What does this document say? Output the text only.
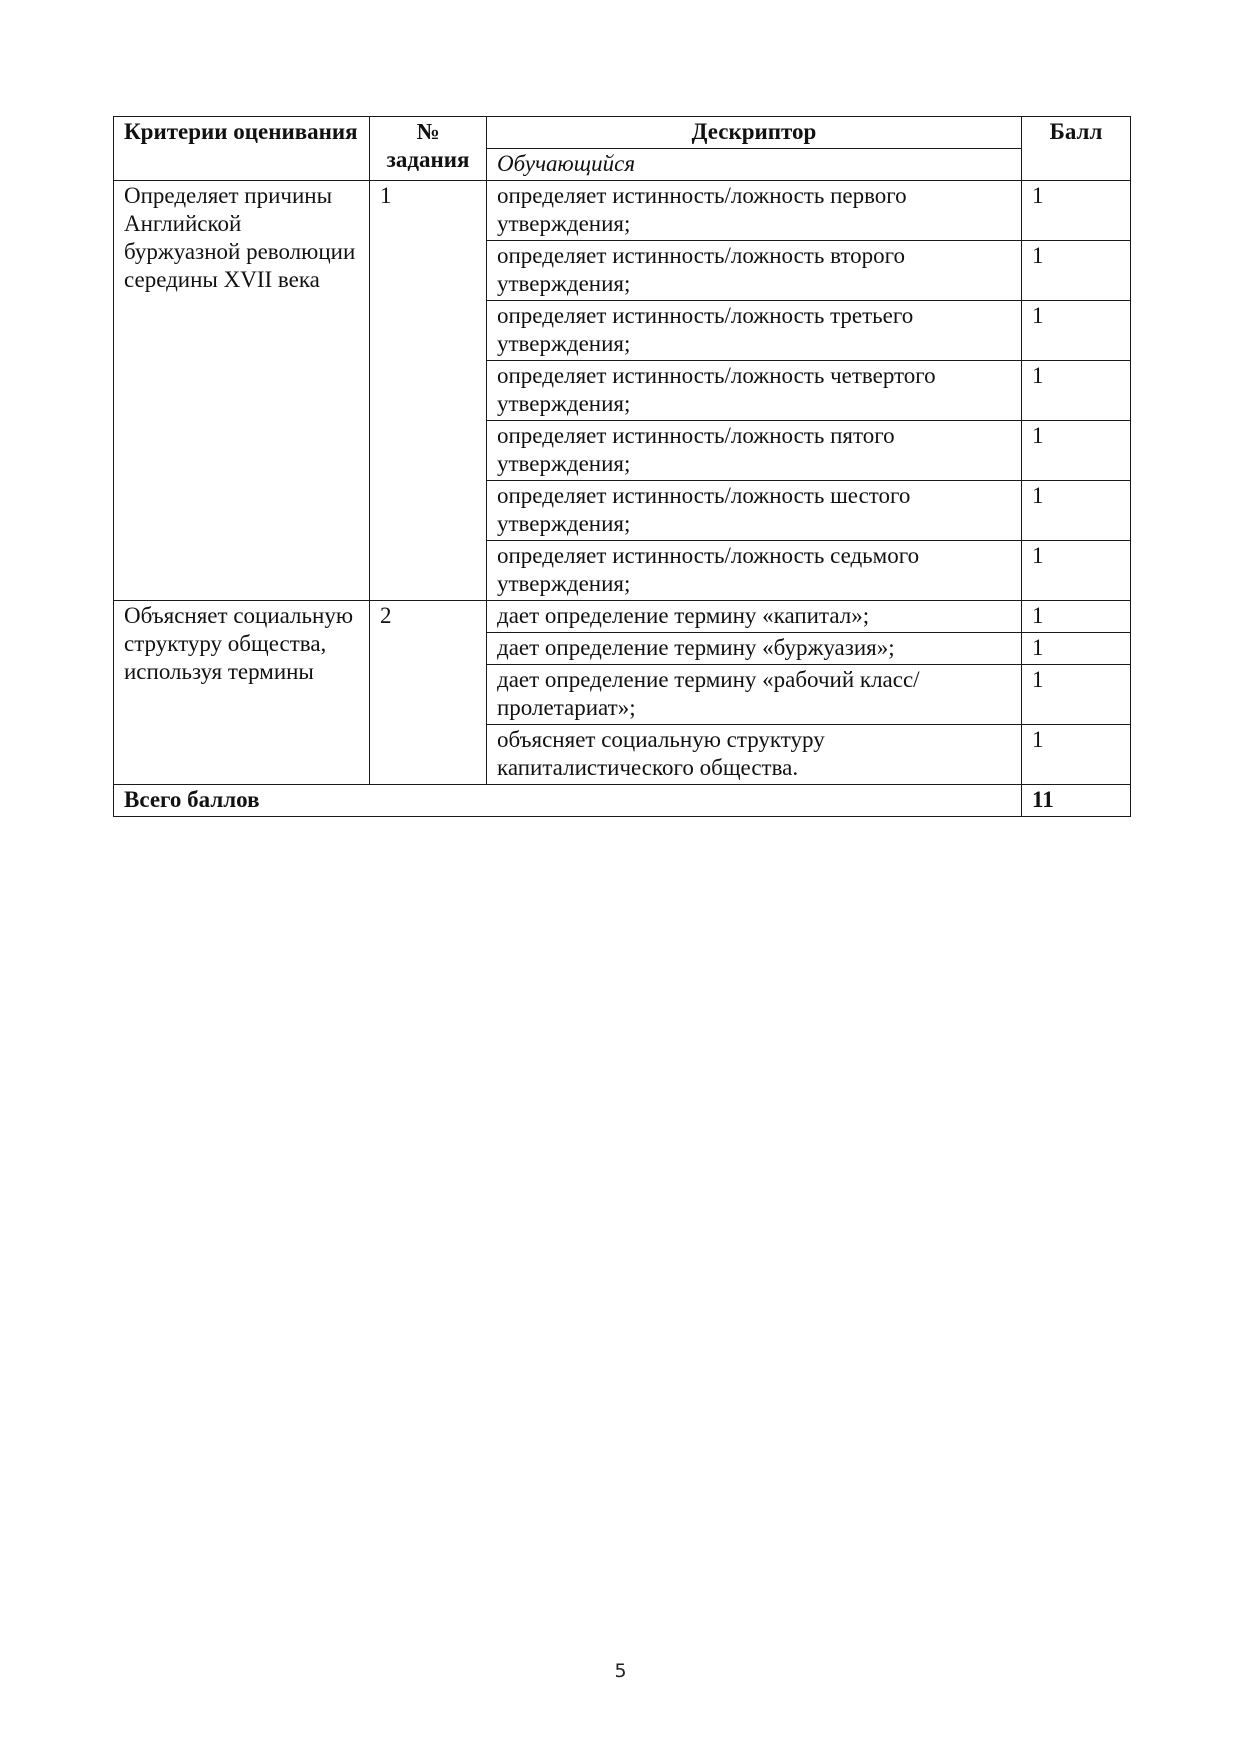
Критерии оценивания	№ задания	Дескриптор	Балл
		Обучающийся	
Определяет причины Английской буржуазной революции середины XVII века	1	определяет истинность/ложность первого утверждения;	1
		определяет истинность/ложность второго утверждения;	1
		определяет истинность/ложность третьего утверждения;	1
		определяет истинность/ложность четвертого утверждения;	1
		определяет истинность/ложность пятого утверждения;	1
		определяет истинность/ложность шестого утверждения;	1
		определяет истинность/ложность седьмого утверждения;	1
Объясняет социальную структуру общества, используя термины	2	дает определение термину «капитал»;	1
		дает определение термину «буржуазия»;	1
		дает определение термину «рабочий класс/пролетариат»;	1
		объясняет социальную структуру капиталистического общества.	1
Всего баллов			11
5
